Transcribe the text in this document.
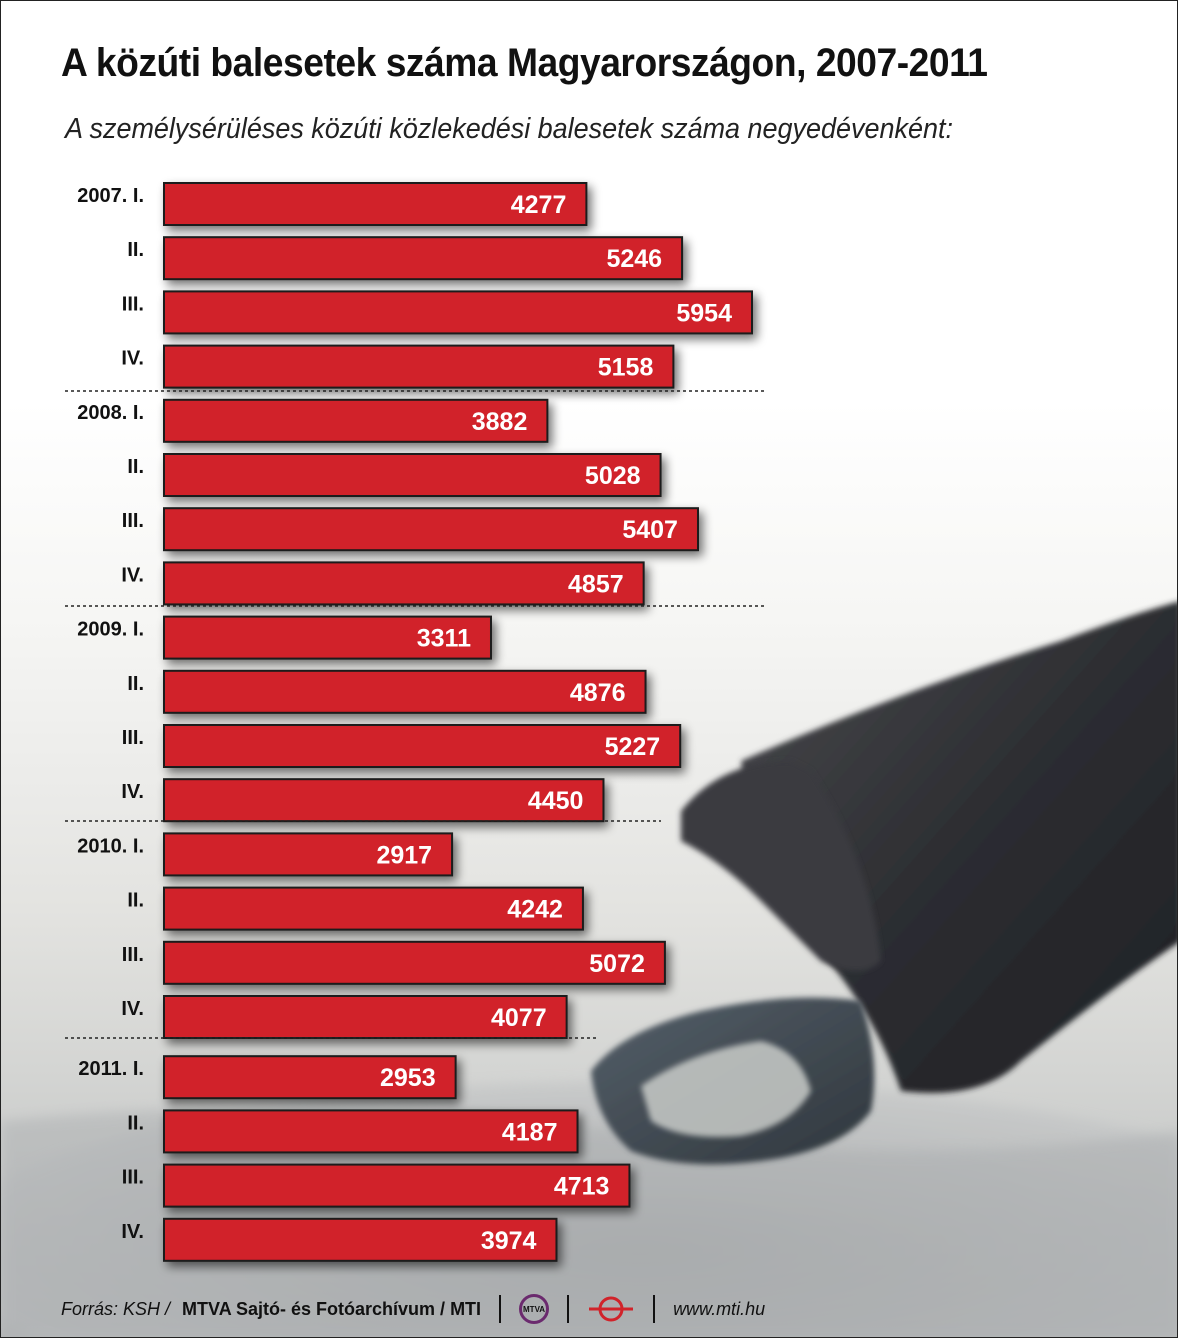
A közúti balesetek száma Magyarországon, 2007-2011

A személysérüléses közúti közlekedési balesetek száma negyedévenként:

4277
2007. I.
5246
II.
5954
III.
5158
IV.
3882
2008. I.
5028
II.
5407
III.
4857
IV.
3311
2009. I.
4876
II.
5227
III.
4450
IV.
2917
2010. I.
4242
II.
5072
III.
4077
IV.
2953
2011. I.
4187
II.
4713
III.
3974
IV.
Forrás: KSH / MTVA Sajtó- és Fotóarchívum / MTI	MTVA	www.mti.hu
